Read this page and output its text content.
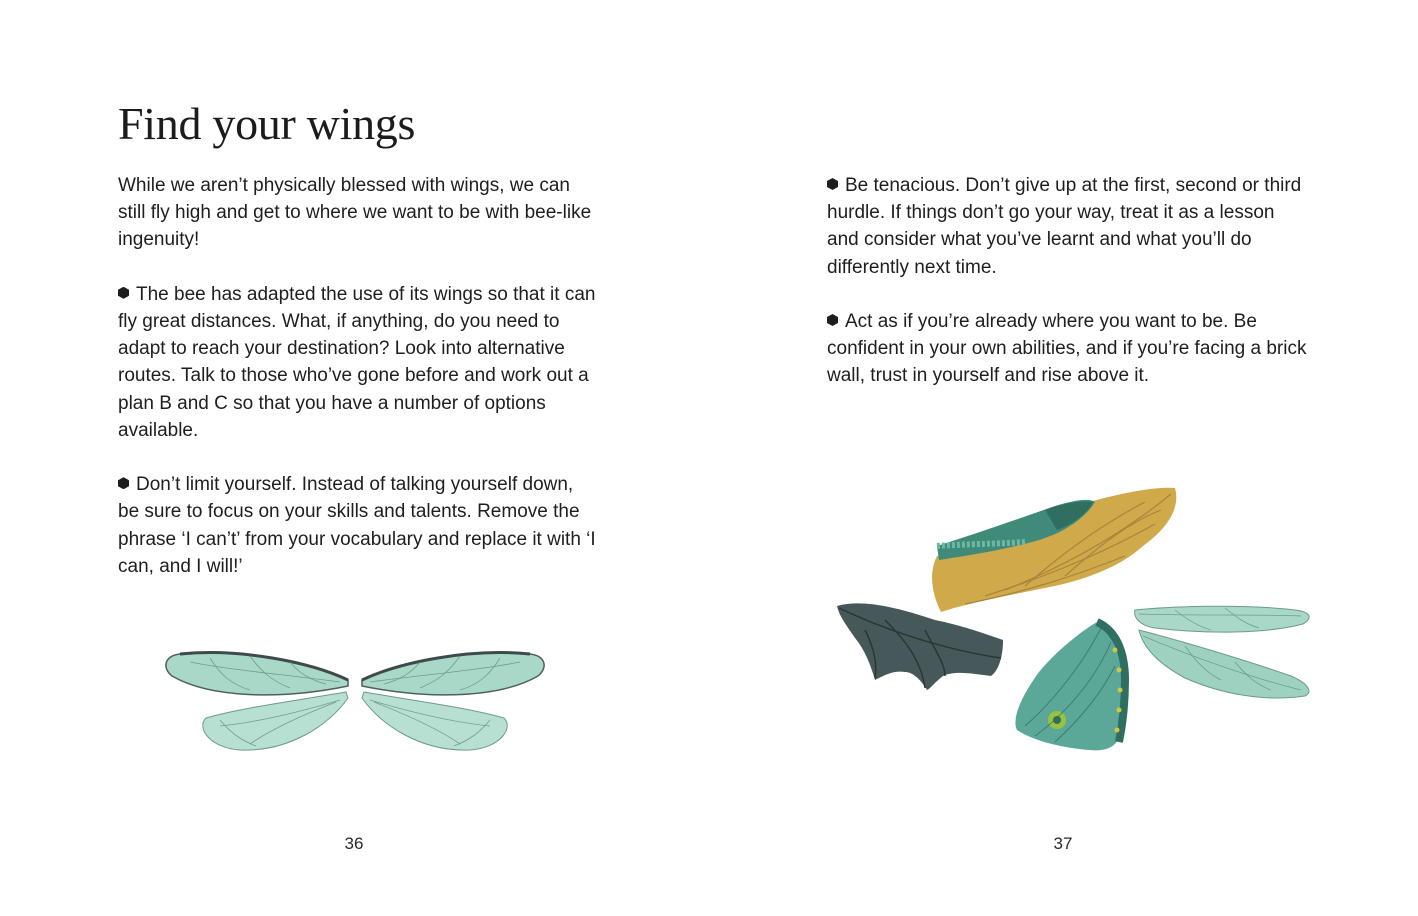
Find your wings

While we aren’t physically blessed with wings, we can still fly high and get to where we want to be with bee-like ingenuity!

The bee has adapted the use of its wings so that it can fly great distances. What, if anything, do you need to adapt to reach your destination? Look into alternative routes. Talk to those who’ve gone before and work out a plan B and C so that you have a number of options available.

Don’t limit yourself. Instead of talking yourself down, be sure to focus on your skills and talents. Remove the phrase ‘I can’t’ from your vocabulary and replace it with ‘I can, and I will!’

36

Be tenacious. Don’t give up at the first, second or third hurdle. If things don’t go your way, treat it as a lesson and consider what you’ve learnt and what you’ll do differently next time.

Act as if you’re already where you want to be. Be confident in your own abilities, and if you’re facing a brick wall, trust in yourself and rise above it.

37
